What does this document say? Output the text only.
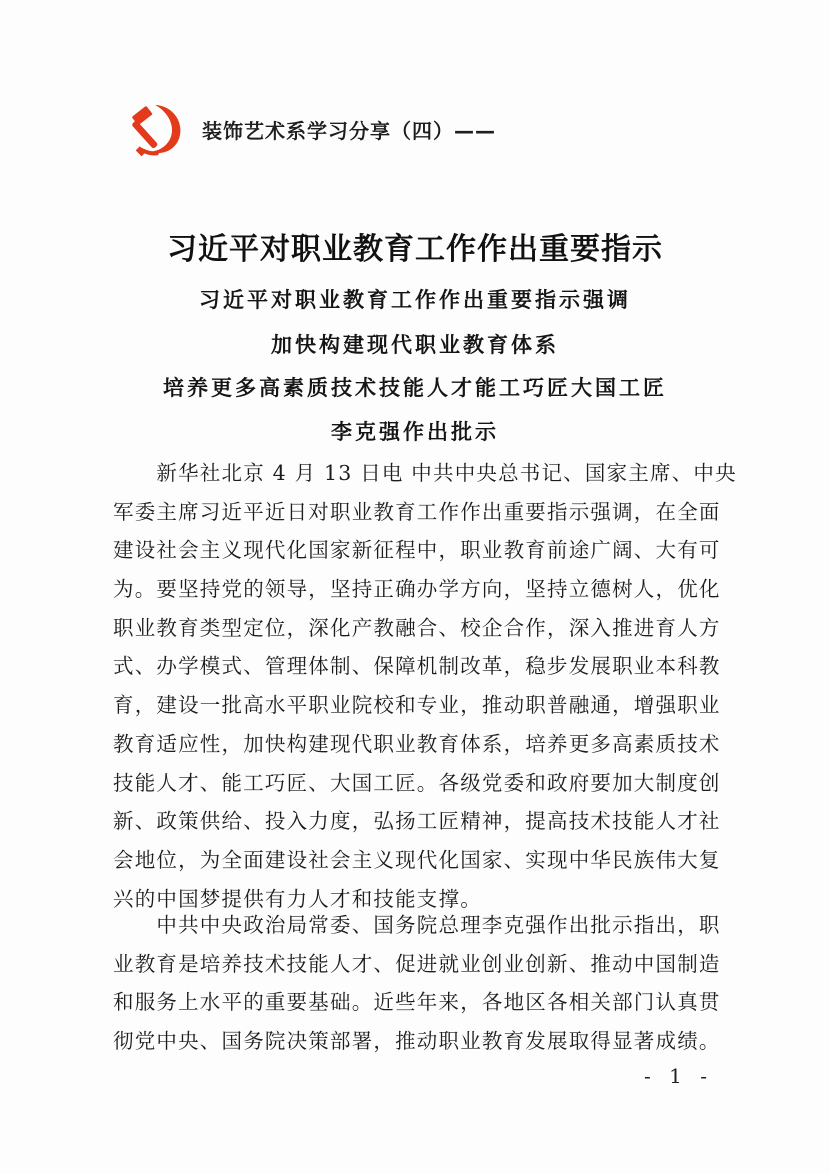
装饰艺术系学习分享（四）——
习近平对职业教育工作作出重要指示
习近平对职业教育工作作出重要指示强调
加快构建现代职业教育体系
培养更多高素质技术技能人才能工巧匠大国工匠
李克强作出批示
　　新华社北京 4 月 13 日电 中共中央总书记、国家主席、中央
军委主席习近平近日对职业教育工作作出重要指示强调，在全面
建设社会主义现代化国家新征程中，职业教育前途广阔、大有可
为。要坚持党的领导，坚持正确办学方向，坚持立德树人，优化
职业教育类型定位，深化产教融合、校企合作，深入推进育人方
式、办学模式、管理体制、保障机制改革，稳步发展职业本科教
育，建设一批高水平职业院校和专业，推动职普融通，增强职业
教育适应性，加快构建现代职业教育体系，培养更多高素质技术
技能人才、能工巧匠、大国工匠。各级党委和政府要加大制度创
新、政策供给、投入力度，弘扬工匠精神，提高技术技能人才社
会地位，为全面建设社会主义现代化国家、实现中华民族伟大复
兴的中国梦提供有力人才和技能支撑。
　　中共中央政治局常委、国务院总理李克强作出批示指出，职
业教育是培养技术技能人才、促进就业创业创新、推动中国制造
和服务上水平的重要基础。近些年来，各地区各相关部门认真贯
彻党中央、国务院决策部署，推动职业教育发展取得显著成绩。
- 1 -
